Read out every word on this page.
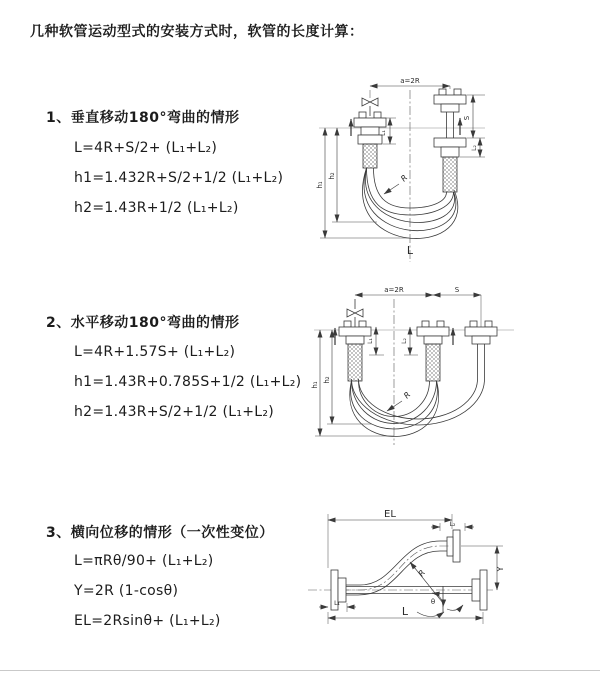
几种软管运动型式的安装方式时，软管的长度计算：
1、垂直移动180°弯曲的情形
L=4R+S/2+ (L₁+L₂)
h1=1.432R+S/2+1/2 (L₁+L₂)
h2=1.43R+1/2 (L₁+L₂)
2、水平移动180°弯曲的情形
L=4R+1.57S+ (L₁+L₂)
h1=1.43R+0.785S+1/2 (L₁+L₂)
h2=1.43R+S/2+1/2 (L₁+L₂)
3、横向位移的情形（一次性变位）
L=πRθ/90+ (L₁+L₂)
Y=2R (1-cosθ)
EL=2Rsinθ+ (L₁+L₂)
a=2R
L₁
S
L₂
h₁
h₂	R
L
a=2R	S
L₁	L₂
h₁
h₂
R
EL
L₂
R
θ
Y
L₁
L
